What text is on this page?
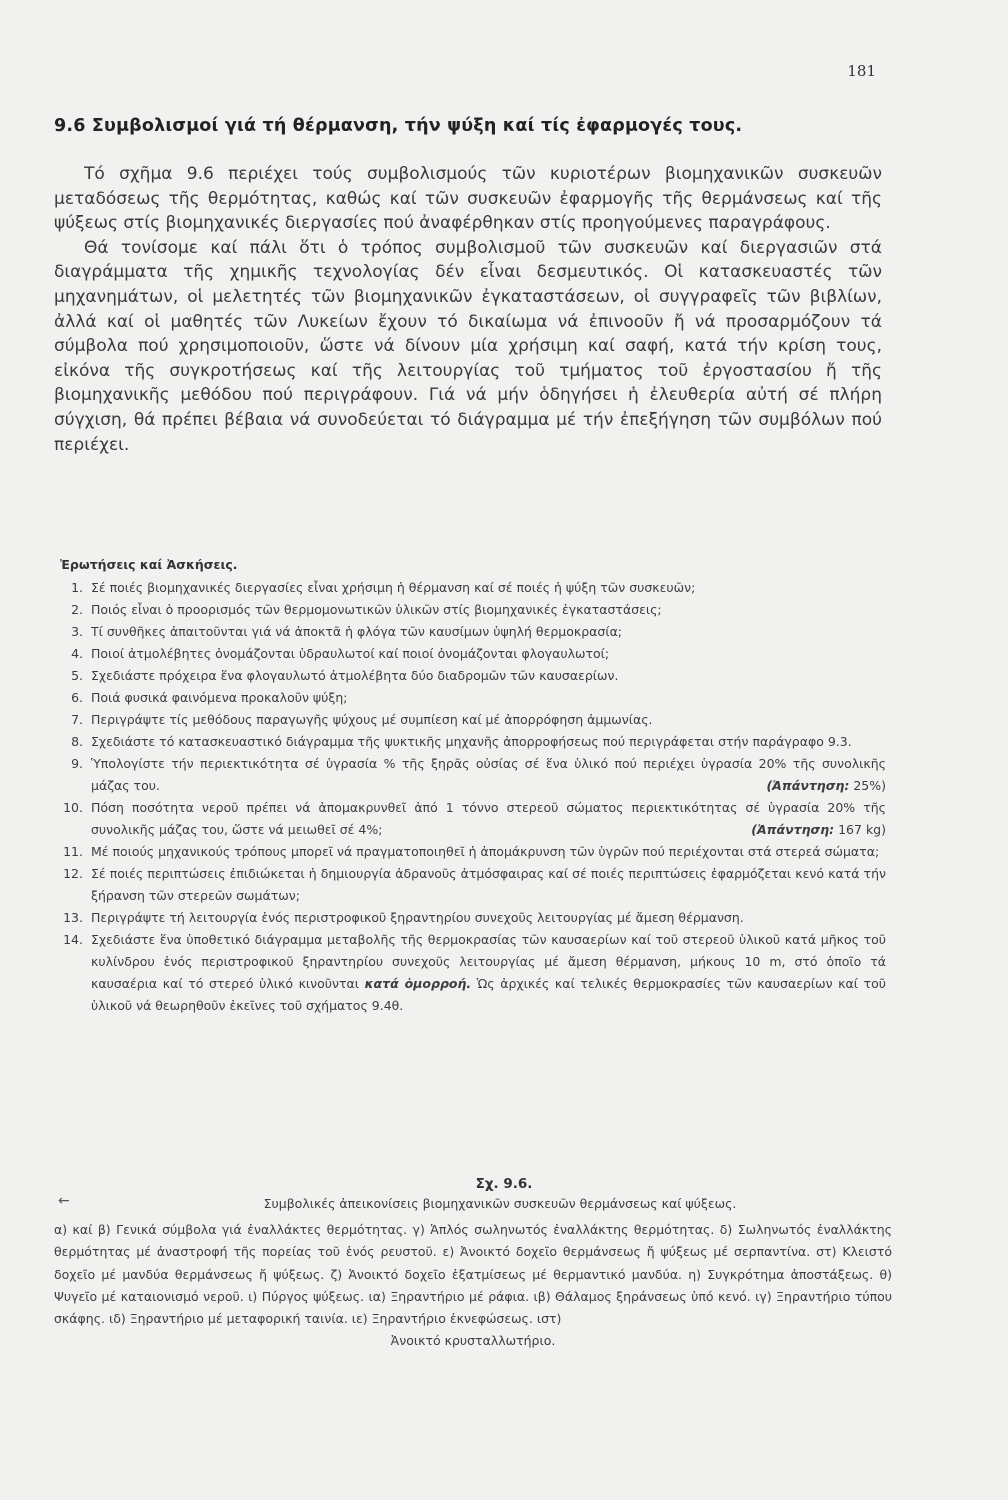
181
9.6 Συμβολισμοί γιά τή θέρμανση, τήν ψύξη καί τίς ἐφαρμογές τους.

Τό σχῆμα 9.6 περιέχει τούς συμβολισμούς τῶν κυριοτέρων βιομηχανικῶν συσκευῶν μεταδόσεως τῆς θερμότητας, καθώς καί τῶν συσκευῶν ἐφαρμογῆς τῆς θερμάνσεως καί τῆς ψύξεως στίς βιομηχανικές διεργασίες πού ἀναφέρθηκαν στίς προηγούμενες παραγράφους.

Θά τονίσομε καί πάλι ὅτι ὁ τρόπος συμβολισμοῦ τῶν συσκευῶν καί διεργασιῶν στά διαγράμματα τῆς χημικῆς τεχνολογίας δέν εἶναι δεσμευτικός. Οἱ κατασκευαστές τῶν μηχανημάτων, οἱ μελετητές τῶν βιομηχανικῶν ἐγκαταστάσεων, οἱ συγγραφεῖς τῶν βιβλίων, ἀλλά καί οἱ μαθητές τῶν Λυκείων ἔχουν τό δικαίωμα νά ἐπινοοῦν ἤ νά προσαρμόζουν τά σύμβολα πού χρησιμοποιοῦν, ὥστε νά δίνουν μία χρήσιμη καί σαφή, κατά τήν κρίση τους, εἰκόνα τῆς συγκροτήσεως καί τῆς λειτουργίας τοῦ τμήματος τοῦ ἐργοστασίου ἤ τῆς βιομηχανικῆς μεθόδου πού περιγράφουν. Γιά νά μήν ὁδηγήσει ἡ ἐλευθερία αὐτή σέ πλήρη σύγχιση, θά πρέπει βέβαια νά συνοδεύεται τό διάγραμμα μέ τήν ἐπεξήγηση τῶν συμβόλων πού περιέχει.

Ἐρωτήσεις καί Ἀσκήσεις.
1. Σέ ποιές βιομηχανικές διεργασίες εἶναι χρήσιμη ἡ θέρμανση καί σέ ποιές ἡ ψύξη τῶν συσκευῶν;
2. Ποιός εἶναι ὁ προορισμός τῶν θερμομονωτικῶν ὑλικῶν στίς βιομηχανικές ἐγκαταστάσεις;
3. Τί συνθῆκες ἀπαιτοῦνται γιά νά ἀποκτᾶ ἡ φλόγα τῶν καυσίμων ὑψηλή θερμοκρασία;
4. Ποιοί ἀτμολέβητες ὀνομάζονται ὑδραυλωτοί καί ποιοί ὀνομάζονται φλογαυλωτοί;
5. Σχεδιάστε πρόχειρα ἕνα φλογαυλωτό ἀτμολέβητα δύο διαδρομῶν τῶν καυσαερίων.
6. Ποιά φυσικά φαινόμενα προκαλοῦν ψύξη;
7. Περιγράψτε τίς μεθόδους παραγωγῆς ψύχους μέ συμπίεση καί μέ ἀπορρόφηση ἀμμωνίας.
8. Σχεδιάστε τό κατασκευαστικό διάγραμμα τῆς ψυκτικῆς μηχανῆς ἀπορροφήσεως πού περιγράφεται στήν παράγραφο 9.3.
9. Ὑπολογίστε τήν περιεκτικότητα σέ ὑγρασία % τῆς ξηρᾶς οὐσίας σέ ἕνα ὑλικό πού περιέχει ὑγρασία 20% τῆς συνολικῆς μάζας του.	(Ἀπάντηση: 25%)
10. Πόση ποσότητα νεροῦ πρέπει νά ἀπομακρυνθεῖ ἀπό 1 τόννο στερεοῦ σώματος περιεκτικότητας σέ ὑγρασία 20% τῆς συνολικῆς μάζας του, ὥστε νά μειωθεῖ σέ 4%;	(Ἀπάντηση: 167 kg)
11. Μέ ποιούς μηχανικούς τρόπους μπορεῖ νά πραγματοποιηθεῖ ἡ ἀπομάκρυνση τῶν ὑγρῶν πού περιέχονται στά στερεά σώματα;
12. Σέ ποιές περιπτώσεις ἐπιδιώκεται ἡ δημιουργία ἀδρανοῦς ἀτμόσφαιρας καί σέ ποιές περιπτώσεις ἐφαρμόζεται κενό κατά τήν ξήρανση τῶν στερεῶν σωμάτων;
13. Περιγράψτε τή λειτουργία ἑνός περιστροφικοῦ ξηραντηρίου συνεχοῦς λειτουργίας μέ ἄμεση θέρμανση.
14. Σχεδιάστε ἕνα ὑποθετικό διάγραμμα μεταβολῆς τῆς θερμοκρασίας τῶν καυσαερίων καί τοῦ στερεοῦ ὑλικοῦ κατά μῆκος τοῦ κυλίνδρου ἑνός περιστροφικοῦ ξηραντηρίου συνεχοῦς λειτουργίας μέ ἄμεση θέρμανση, μήκους 10 m, στό ὁποῖο τά καυσαέρια καί τό στερεό ὑλικό κινοῦνται κατά ὁμορροή. Ὡς ἀρχικές καί τελικές θερμοκρασίες τῶν καυσαερίων καί τοῦ ὑλικοῦ νά θεωρηθοῦν ἐκεῖνες τοῦ σχήματος 9.4θ.
Σχ. 9.6.
←	Συμβολικές ἀπεικονίσεις βιομηχανικῶν συσκευῶν θερμάνσεως καί ψύξεως.
α) καί β) Γενικά σύμβολα γιά ἐναλλάκτες θερμότητας. γ) Ἁπλός σωληνωτός ἐναλλάκτης θερμότητας. δ) Σωληνωτός ἐναλλάκτης θερμότητας μέ ἀναστροφή τῆς πορείας τοῦ ἑνός ρευστοῦ. ε) Ἀνοικτό δοχεῖο θερμάνσεως ἤ ψύξεως μέ σερπαντίνα. στ) Κλειστό δοχεῖο μέ μανδύα θερμάνσεως ἤ ψύξεως. ζ) Ἀνοικτό δοχεῖο ἐξατμίσεως μέ θερμαντικό μανδύα. η) Συγκρότημα ἀποστάξεως. θ) Ψυγεῖο μέ καταιονισμό νεροῦ. ι) Πύργος ψύξεως. ια) Ξηραντήριο μέ ράφια. ιβ) Θάλαμος ξηράνσεως ὑπό κενό. ιγ) Ξηραντήριο τύπου σκάφης. ιδ) Ξηραντήριο μέ μεταφορική ταινία. ιε) Ξηραντήριο ἐκνεφώσεως. ιστ)
Ἀνοικτό κρυσταλλωτήριο.
